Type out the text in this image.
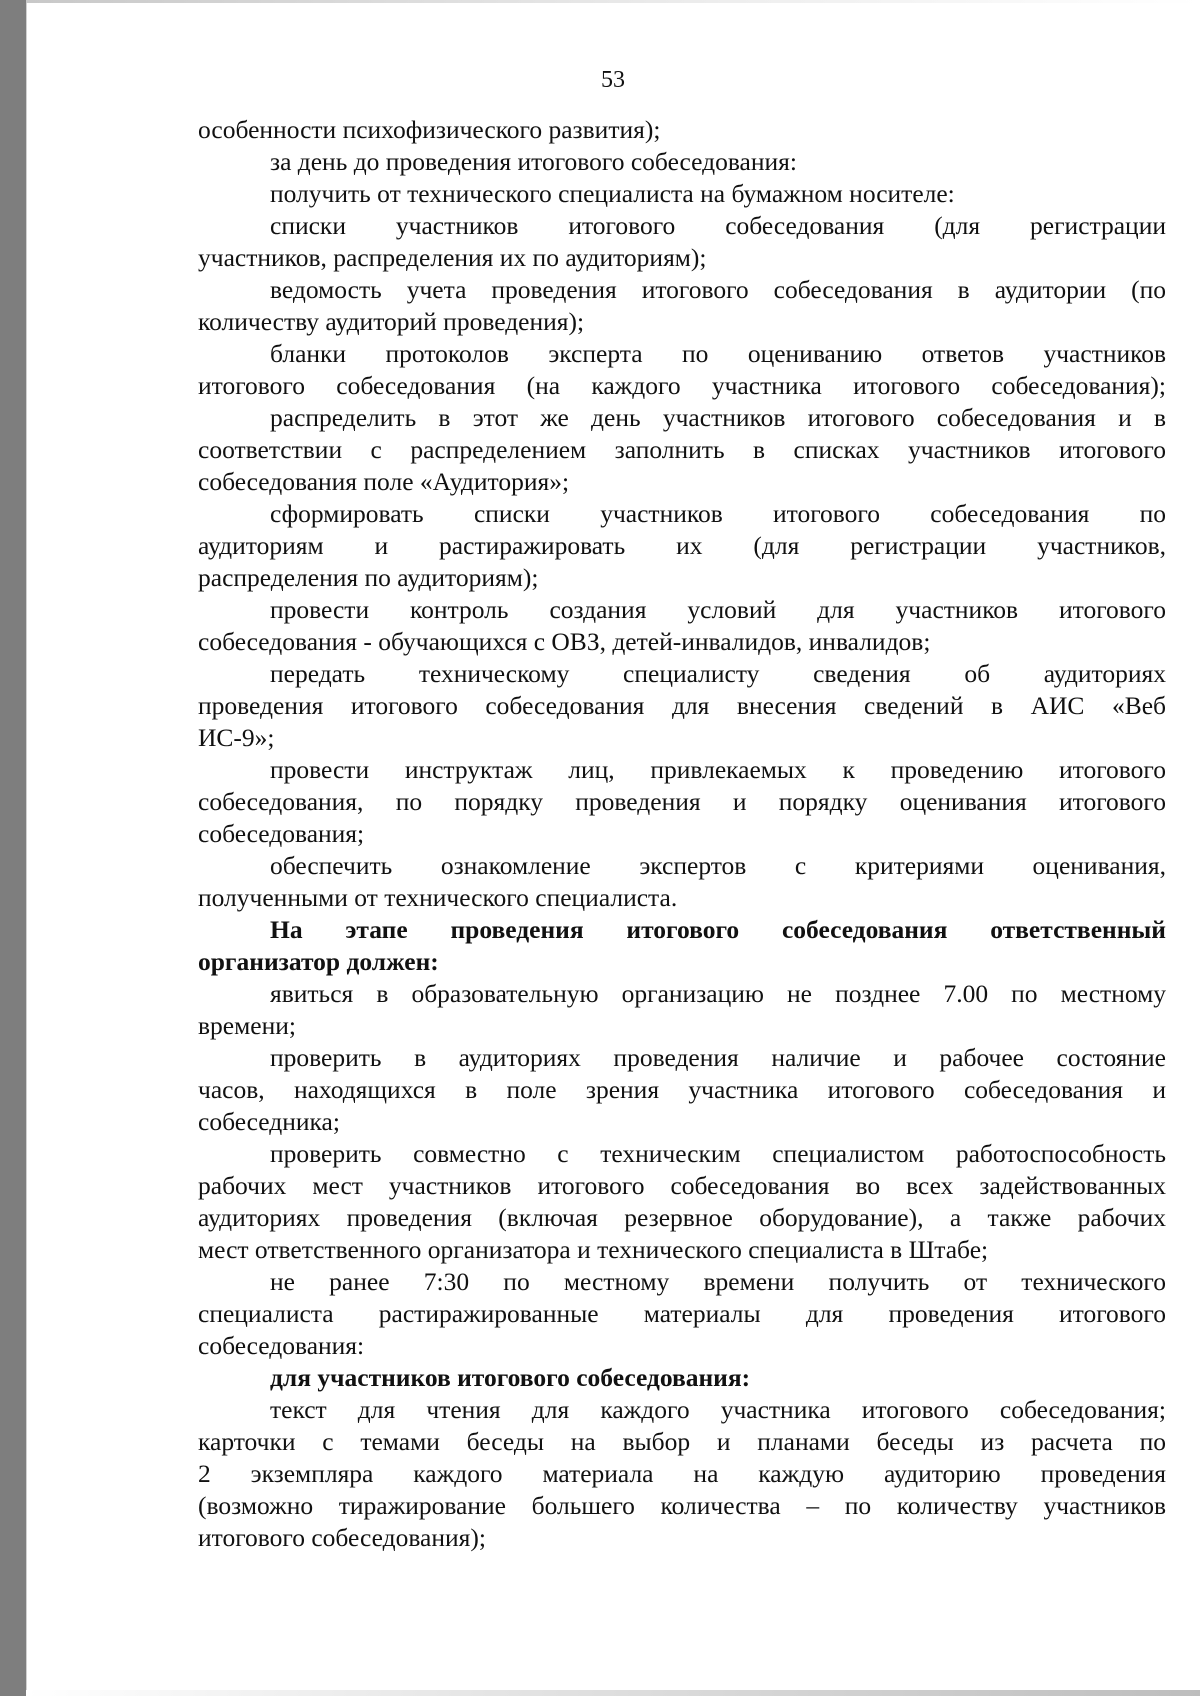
53
особенности психофизического развития);
за день до проведения итогового собеседования:
получить от технического специалиста на бумажном носителе:
списки участников итогового собеседования (для регистрации
участников, распределения их по аудиториям);
ведомость учета проведения итогового собеседования в аудитории (по
количеству аудиторий проведения);
бланки протоколов эксперта по оцениванию ответов участников
итогового собеседования (на каждого участника итогового собеседования);
распределить в этот же день участников итогового собеседования и в
соответствии с распределением заполнить в списках участников итогового
собеседования поле «Аудитория»;
сформировать списки участников итогового собеседования по
аудиториям и растиражировать их (для регистрации участников,
распределения по аудиториям);
провести контроль создания условий для участников итогового
собеседования - обучающихся с ОВЗ, детей-инвалидов, инвалидов;
передать техническому специалисту сведения об аудиториях
проведения итогового собеседования для внесения сведений в АИС «Веб
ИС-9»;
провести инструктаж лиц, привлекаемых к проведению итогового
собеседования, по порядку проведения и порядку оценивания итогового
собеседования;
обеспечить ознакомление экспертов с критериями оценивания,
полученными от технического специалиста.
На этапе проведения итогового собеседования ответственный
организатор должен:
явиться в образовательную организацию не позднее 7.00 по местному
времени;
проверить в аудиториях проведения наличие и рабочее состояние
часов, находящихся в поле зрения участника итогового собеседования и
собеседника;
проверить совместно с техническим специалистом работоспособность
рабочих мест участников итогового собеседования во всех задействованных
аудиториях проведения (включая резервное оборудование), а также рабочих
мест ответственного организатора и технического специалиста в Штабе;
не ранее 7:30 по местному времени получить от технического
специалиста растиражированные материалы для проведения итогового
собеседования:
для участников итогового собеседования:
текст для чтения для каждого участника итогового собеседования;
карточки с темами беседы на выбор и планами беседы из расчета по
2 экземпляра каждого материала на каждую аудиторию проведения
(возможно тиражирование большего количества – по количеству участников
итогового собеседования);
